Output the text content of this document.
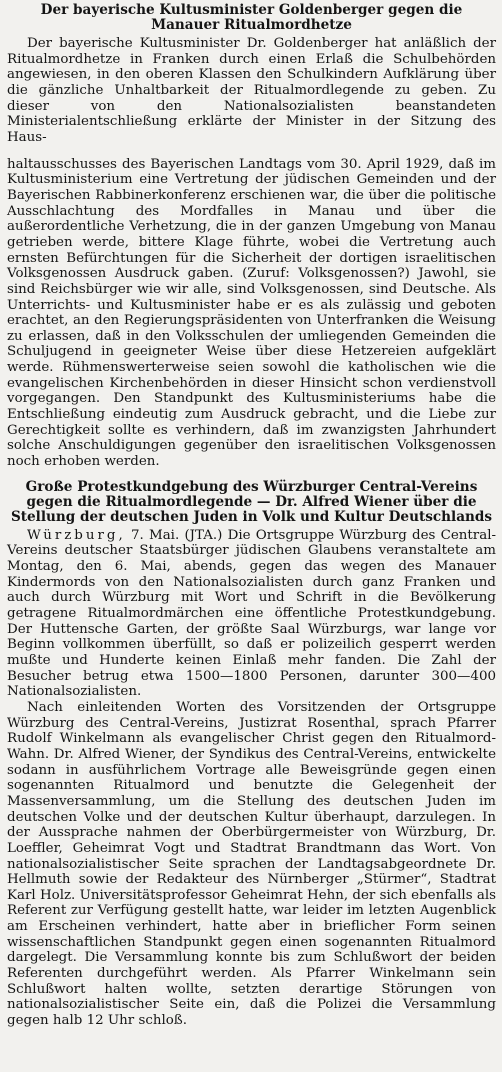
Der bayerische Kultusminister Goldenberger gegen die Manauer Ritualmordhetze

Der bayerische Kultusminister Dr. Goldenberger hat anläßlich der Ritualmordhetze in Franken durch einen Erlaß die Schulbehörden angewiesen, in den oberen Klassen den Schulkindern Aufklärung über die gänzliche Unhaltbarkeit der Ritualmordlegende zu geben. Zu dieser von den Nationalsozialisten beanstandeten Ministerialentschließung erklärte der Minister in der Sitzung des Haus-

haltausschusses des Bayerischen Landtags vom 30. April 1929, daß im Kultusministerium eine Vertretung der jüdischen Gemeinden und der Bayerischen Rabbinerkonferenz erschienen war, die über die politische Ausschlachtung des Mordfalles in Manau und über die außerordentliche Verhetzung, die in der ganzen Umgebung von Manau getrieben werde, bittere Klage führte, wobei die Vertretung auch ernsten Befürchtungen für die Sicherheit der dortigen israelitischen Volksgenossen Ausdruck gaben. (Zuruf: Volksgenossen?) Jawohl, sie sind Reichsbürger wie wir alle, sind Volksgenossen, sind Deutsche. Als Unterrichts- und Kultusminister habe er es als zulässig und geboten erachtet, an den Regierungspräsidenten von Unterfranken die Weisung zu erlassen, daß in den Volksschulen der umliegenden Gemeinden die Schuljugend in geeigneter Weise über diese Hetzereien aufgeklärt werde. Rühmenswerterweise seien sowohl die katholischen wie die evangelischen Kirchenbehörden in dieser Hinsicht schon verdienstvoll vorgegangen. Den Standpunkt des Kultusministeriums habe die Entschließung eindeutig zum Ausdruck gebracht, und die Liebe zur Gerechtigkeit sollte es verhindern, daß im zwanzigsten Jahrhundert solche Anschuldigungen gegenüber den israelitischen Volksgenossen noch erhoben werden.

Große Protestkundgebung des Würzburger Central-Vereins gegen die Ritualmordlegende — Dr. Alfred Wiener über die Stellung der deutschen Juden in Volk und Kultur Deutschlands

Würzburg, 7. Mai. (JTA.) Die Ortsgruppe Würzburg des Central-Vereins deutscher Staatsbürger jüdischen Glaubens veranstaltete am Montag, den 6. Mai, abends, gegen das wegen des Manauer Kindermords von den Nationalsozialisten durch ganz Franken und auch durch Würzburg mit Wort und Schrift in die Bevölkerung getragene Ritualmordmärchen eine öffentliche Protestkundgebung. Der Huttensche Garten, der größte Saal Würzburgs, war lange vor Beginn vollkommen überfüllt, so daß er polizeilich gesperrt werden mußte und Hunderte keinen Einlaß mehr fanden. Die Zahl der Besucher betrug etwa 1500—1800 Personen, darunter 300—400 Nationalsozialisten.

Nach einleitenden Worten des Vorsitzenden der Ortsgruppe Würzburg des Central-Vereins, Justizrat Rosenthal, sprach Pfarrer Rudolf Winkelmann als evangelischer Christ gegen den Ritualmord-Wahn. Dr. Alfred Wiener, der Syndikus des Central-Vereins, entwickelte sodann in ausführlichem Vortrage alle Beweisgründe gegen einen sogenannten Ritualmord und benutzte die Gelegenheit der Massenversammlung, um die Stellung des deutschen Juden im deutschen Volke und der deutschen Kultur überhaupt, darzulegen. In der Aussprache nahmen der Oberbürgermeister von Würzburg, Dr. Loeffler, Geheimrat Vogt und Stadtrat Brandtmann das Wort. Von nationalsozialistischer Seite sprachen der Landtagsabgeordnete Dr. Hellmuth sowie der Redakteur des Nürnberger „Stürmer“, Stadtrat Karl Holz. Universitätsprofessor Geheimrat Hehn, der sich ebenfalls als Referent zur Verfügung gestellt hatte, war leider im letzten Augenblick am Erscheinen verhindert, hatte aber in brieflicher Form seinen wissenschaftlichen Standpunkt gegen einen sogenannten Ritualmord dargelegt. Die Versammlung konnte bis zum Schlußwort der beiden Referenten durchgeführt werden. Als Pfarrer Winkelmann sein Schlußwort halten wollte, setzten derartige Störungen von nationalsozialistischer Seite ein, daß die Polizei die Versammlung gegen halb 12 Uhr schloß.
